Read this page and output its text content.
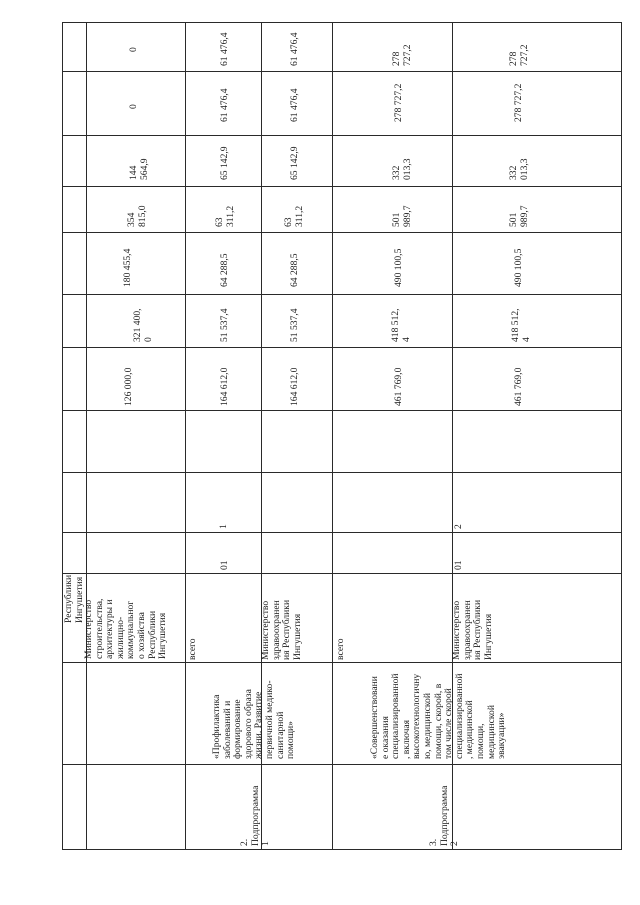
Республики
Ингушетия
Министерство
строительства,
архитектуры и
жилищно-
коммунальног
о хозяйства
Республики
Ингушетия
126 000,0
321 400,
0
180 455,4
354
815,0
144
564,9
0
0
2.
Подпрограмма
1
«Профилактика
заболеваний и
формирование
здорового образа
жизни. Развитие
первичной медико-
санитарной
помощи»
всего	Министерство
здравоохранен
ия Республики
Ингушетия
01
1
164 612,0
51 537,4
64 288,5
63
311,2
65 142,9
61 476,4
61 476,4
164 612,0
51 537,4
64 288,5
63
311,2
65 142,9
61 476,4
61 476,4
3.
Подпрограмма
2
«Совершенствовани
е оказания
специализированной
, включая
высокотехнологичну
ю, медицинской
помощи, скорой, в
том числе скорой
специализированной
, медицинской
помощи,
медицинской
эвакуации»
всего	Министерство
здравоохранен
ия Республики
Ингушетия
01
2
461 769,0
418 512,
4
490 100,5
501
989,7
332
013,3
278 727,2
278
727,2
461 769,0
418 512,
4
490 100,5
501
989,7
332
013,3
278 727,2
278
727,2
